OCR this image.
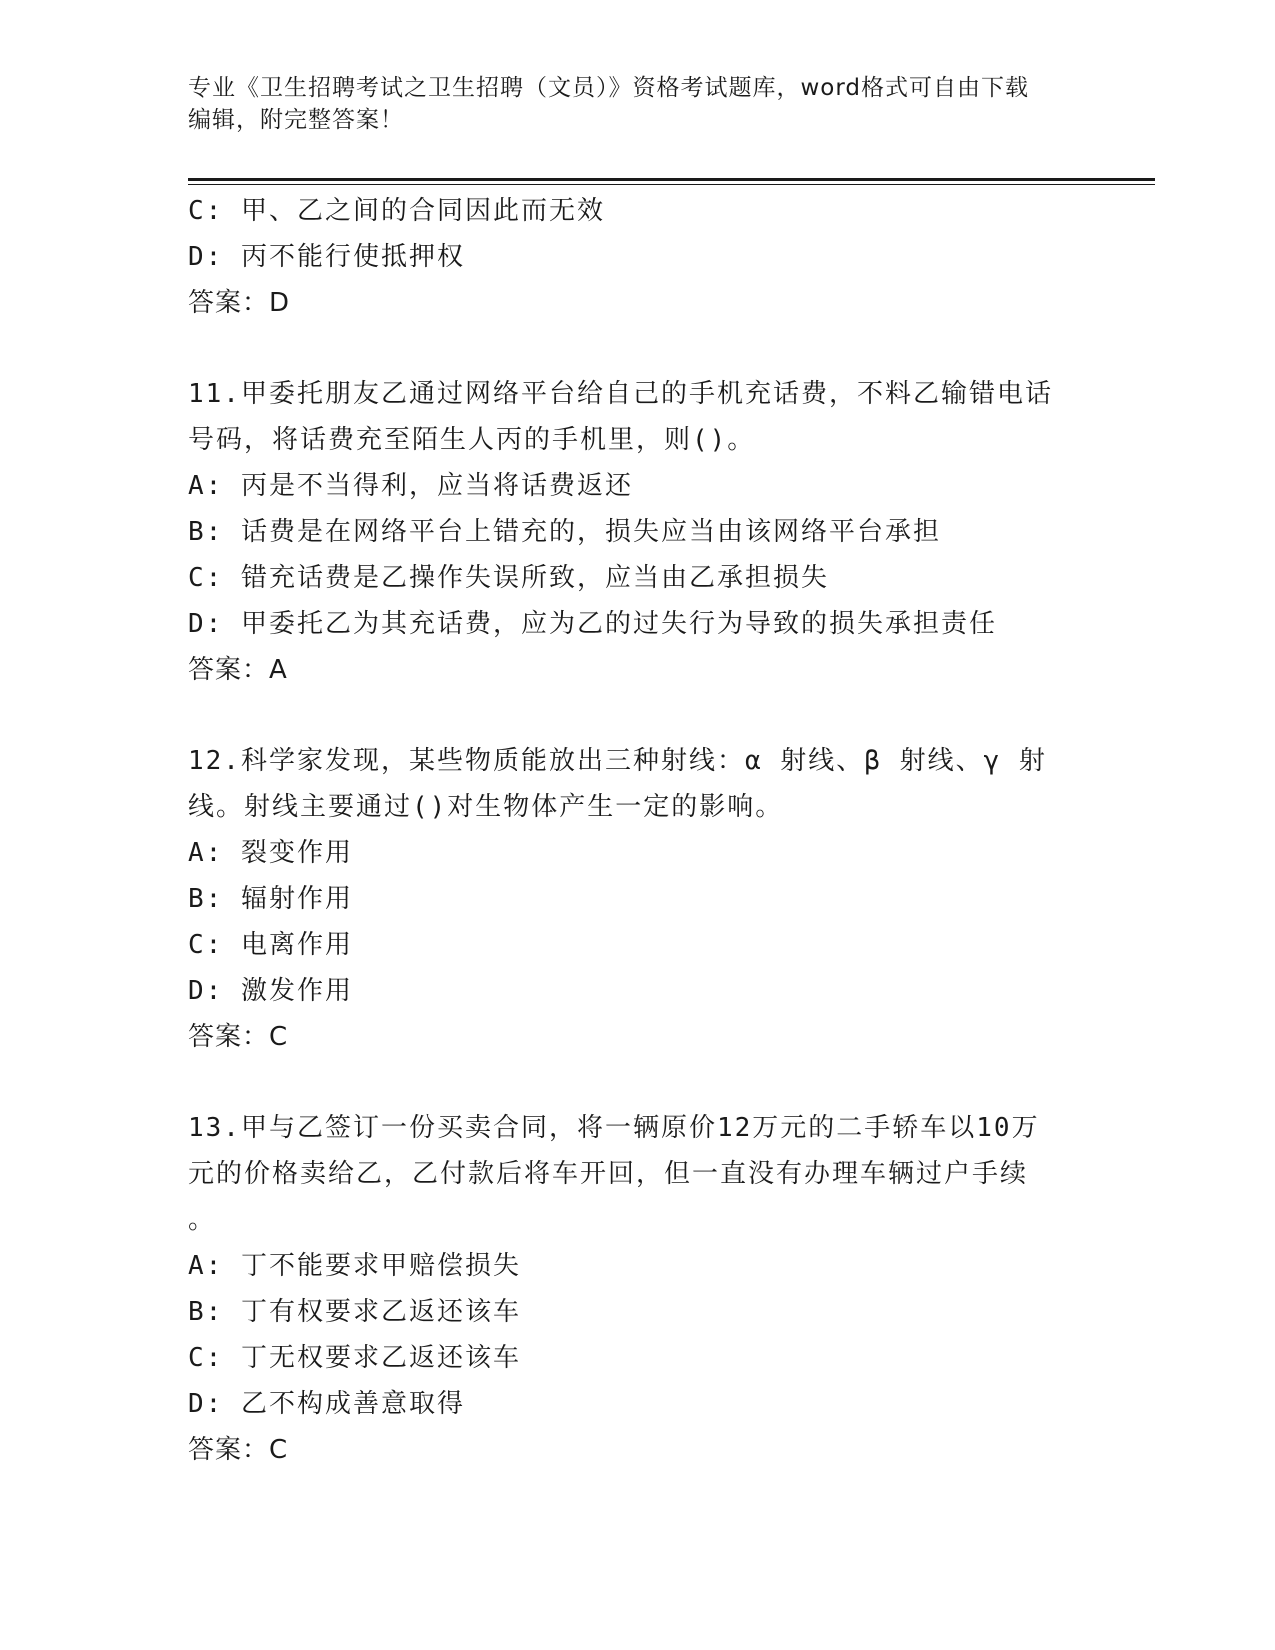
专业《卫生招聘考试之卫生招聘（文员）》资格考试题库，word格式可自由下载
编辑，附完整答案！
C: 甲、乙之间的合同因此而无效
D: 丙不能行使抵押权
答案：D
11.甲委托朋友乙通过网络平台给自己的手机充话费，不料乙输错电话
号码，将话费充至陌生人丙的手机里，则()。
A: 丙是不当得利，应当将话费返还
B: 话费是在网络平台上错充的，损失应当由该网络平台承担
C: 错充话费是乙操作失误所致，应当由乙承担损失
D: 甲委托乙为其充话费，应为乙的过失行为导致的损失承担责任
答案：A
12.科学家发现，某些物质能放出三种射线：α 射线、β 射线、γ 射
线。射线主要通过()对生物体产生一定的影响。
A: 裂变作用
B: 辐射作用
C: 电离作用
D: 激发作用
答案：C
13.甲与乙签订一份买卖合同，将一辆原价12万元的二手轿车以10万
元的价格卖给乙，乙付款后将车开回，但一直没有办理车辆过户手续
。
A: 丁不能要求甲赔偿损失
B: 丁有权要求乙返还该车
C: 丁无权要求乙返还该车
D: 乙不构成善意取得
答案：C
